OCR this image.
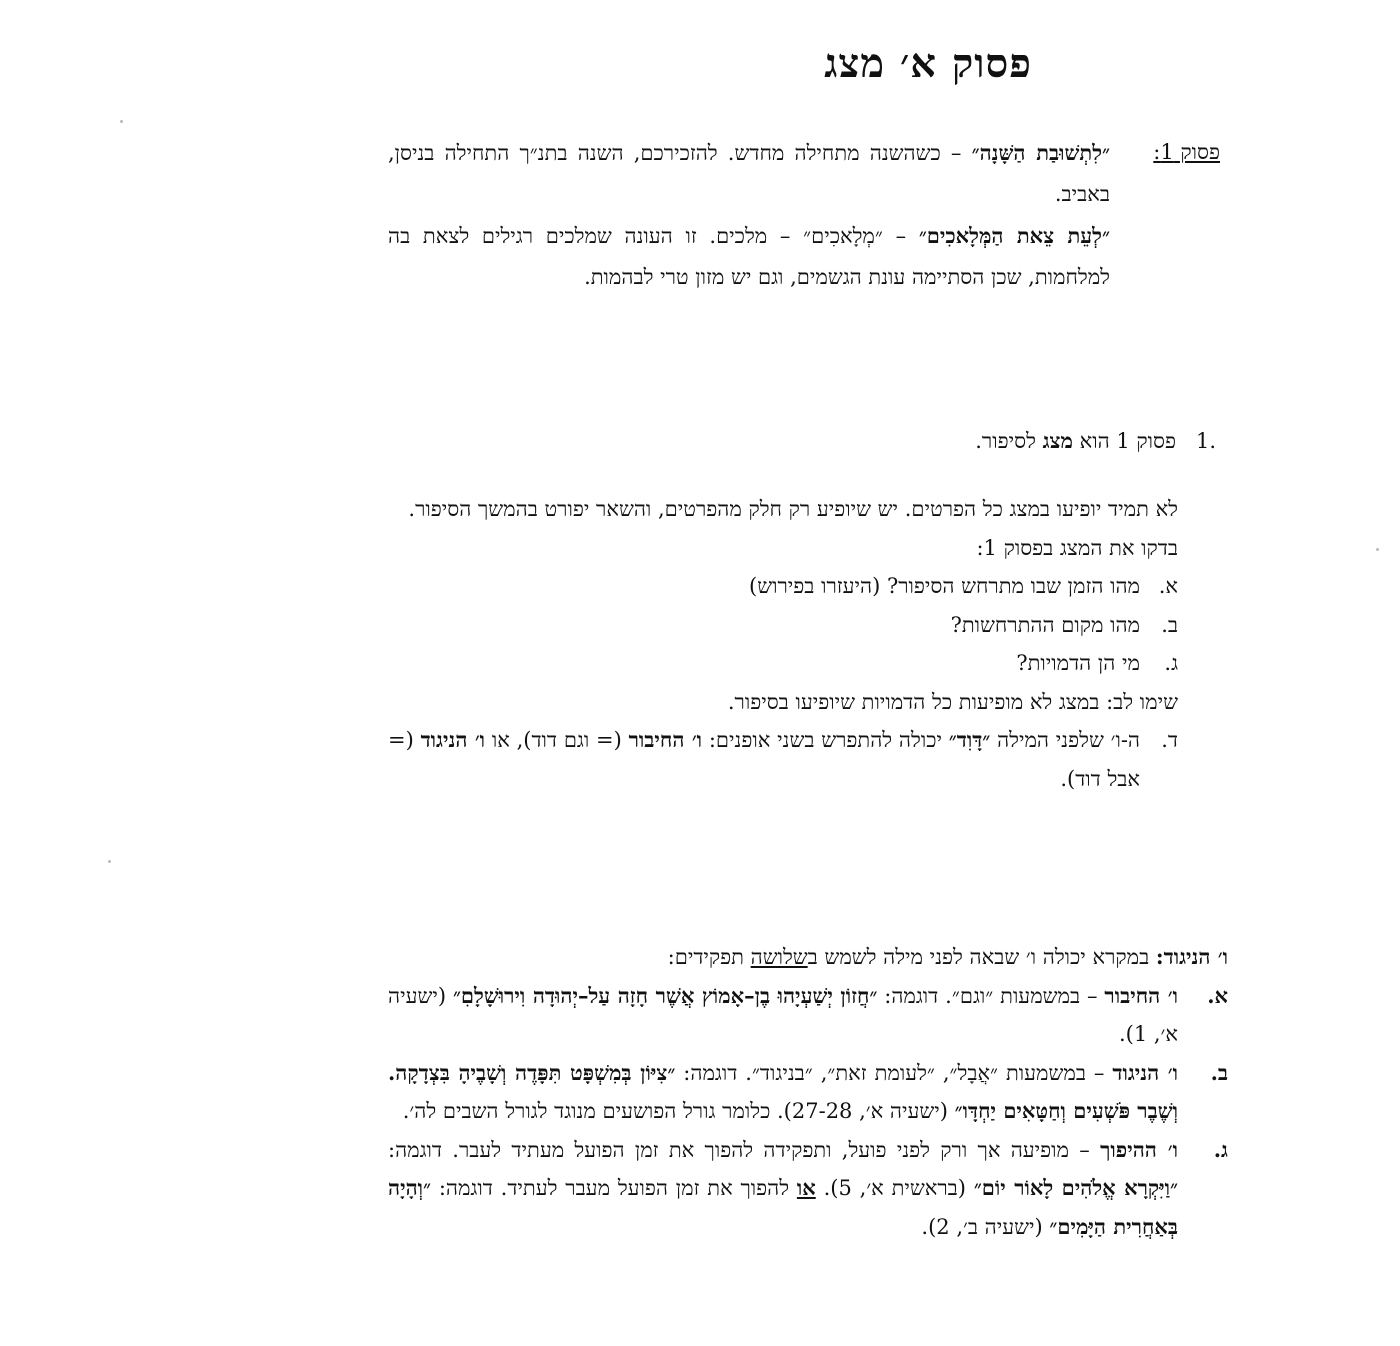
פסוק א׳ מצג
פסוק 1:

״לִתְשׁוּבַת הַשָּׁנָה״ – כשהשנה מתחילה מחדש. להזכירכם, השנה בתנ״ך התחילה בניסן, באביב.

״לְעֵת צֵאת הַמְּלָאכִים״ – ״מְלָאכִים״ – מלכים. זו העונה שמלכים רגילים לצאת בה למלחמות, שכן הסתיימה עונת הגשמים, וגם יש מזון טרי לבהמות.

.1פסוק 1 הוא מצג לסיפור.

לא תמיד יופיעו במצג כל הפרטים. יש שיופיע רק חלק מהפרטים, והשאר יפורט בהמשך הסיפור.

בדקו את המצג בפסוק 1:

א.
מהו הזמן שבו מתרחש הסיפור? (היעזרו בפירוש)
ב.
מהו מקום ההתרחשות?
ג.
מי הן הדמויות?

שימו לב: במצג לא מופיעות כל הדמויות שיופיעו בסיפור.

ד.
ה-ו׳ שלפני המילה ״דָּוִד״ יכולה להתפרש בשני אופנים: ו׳ החיבור (= וגם דוד), או ו׳ הניגוד (= אבל דוד).

ו׳ הניגוד: במקרא יכולה ו׳ שבאה לפני מילה לשמש בשלושה תפקידים:

א.
ו׳ החיבור – במשמעות ״וגם״. דוגמה: ״חֲזוֹן יְשַׁעְיָהוּ בֶן–אָמוֹץ אֲשֶׁר חָזָה עַל–יְהוּדָה וִירוּשָׁלָםִ״ (ישעיה א׳, 1).
ב.
ו׳ הניגוד – במשמעות ״אֲבָל״, ״לעומת זאת״, ״בניגוד״. דוגמה: ״צִיּוֹן בְּמִשְׁפָּט תִּפָּדֶה וְשָׁבֶיהָ בִּצְדָקָה. וְשֶׁבֶר פֹּשְׁעִים וְחַטָּאִים יַחְדָּו״ (ישעיה א׳, 27-28). כלומר גורל הפושעים מנוגד לגורל השבים לה׳.
ג.
ו׳ ההיפוך – מופיעה אך ורק לפני פועל, ותפקידה להפוך את זמן הפועל מעתיד לעבר. דוגמה: ״וַיִּקְרָא אֱלֹהִים לָאוֹר יוֹם״ (בראשית א׳, 5). או להפוך את זמן הפועל מעבר לעתיד. דוגמה: ״וְהָיָה בְּאַחֲרִית הַיָּמִים״ (ישעיה ב׳, 2).
